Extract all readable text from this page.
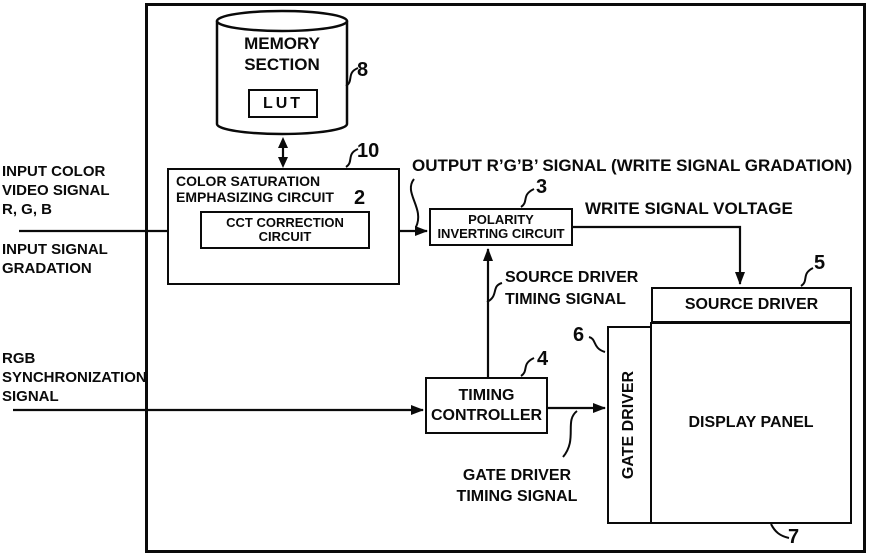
MEMORY
SECTION
LUT
COLOR SATURATION
EMPHASIZING CIRCUIT
CCT CORRECTION
CIRCUIT
POLARITY
INVERTING CIRCUIT
TIMING
CONTROLLER
SOURCE DRIVER
DISPLAY PANEL
GATE DRIVER
INPUT COLOR
VIDEO SIGNAL
R, G, B
INPUT SIGNAL
GRADATION
RGB
SYNCHRONIZATION
SIGNAL
OUTPUT R’G’B’ SIGNAL (WRITE SIGNAL GRADATION)
WRITE SIGNAL VOLTAGE
SOURCE DRIVER
TIMING SIGNAL
GATE DRIVER
TIMING SIGNAL
8
10
2	3
4
5
6
7
